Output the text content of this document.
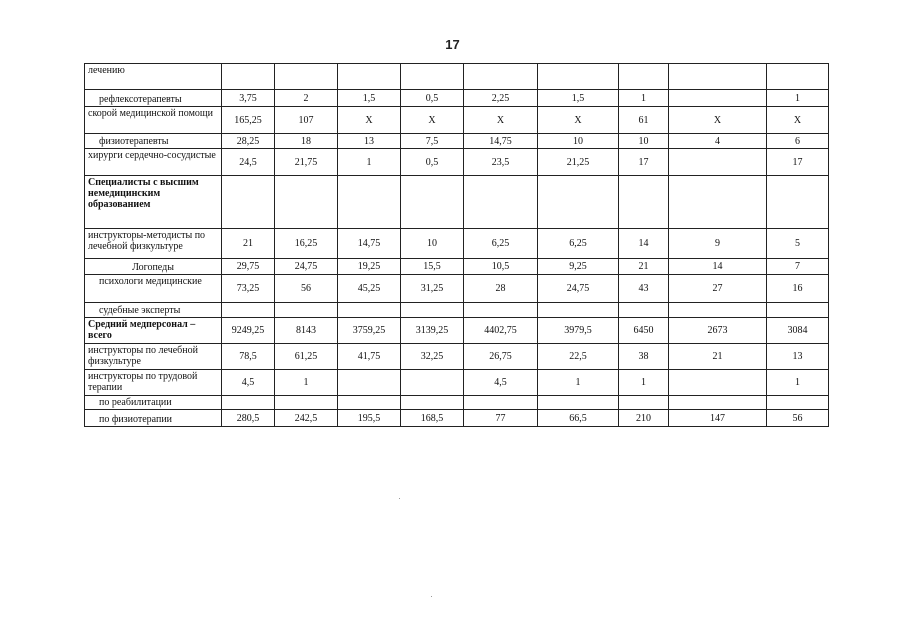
17
лечению									
рефлексотерапевты	3,75	2	1,5	0,5	2,25	1,5	1		1
скорой медицинской помощи	165,25	107	Х	Х	Х	Х	61	Х	Х
физиотерапевты	28,25	18	13	7,5	14,75	10	10	4	6
хирурги сердечно-сосудистые	24,5	21,75	1	0,5	23,5	21,25	17		17
Специалисты с высшим немедицинским образованием									
инструкторы-методисты по лечебной физкультуре	21	16,25	14,75	10	6,25	6,25	14	9	5
Логопеды	29,75	24,75	19,25	15,5	10,5	9,25	21	14	7
психологи медицинские	73,25	56	45,25	31,25	28	24,75	43	27	16
судебные эксперты									
Средний медперсонал – всего	9249,25	8143	3759,25	3139,25	4402,75	3979,5	6450	2673	3084
инструкторы по лечебной физкультуре	78,5	61,25	41,75	32,25	26,75	22,5	38	21	13
инструкторы по трудовой терапии	4,5	1			4,5	1	1		1
по реабилитации									
по физиотерапии	280,5	242,5	195,5	168,5	77	66,5	210	147	56
